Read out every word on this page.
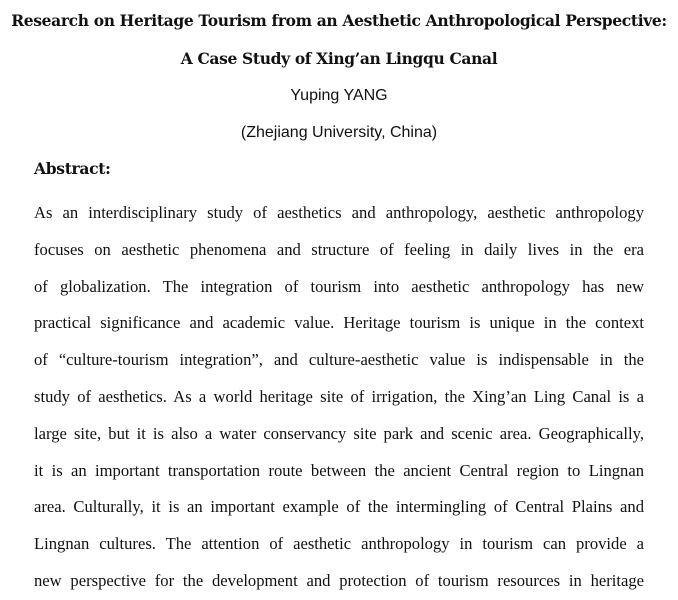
Research on Heritage Tourism from an Aesthetic Anthropological Perspective:
A Case Study of Xing’an Lingqu Canal
Yuping YANG
(Zhejiang University, China)
Abstract:
As an interdisciplinary study of aesthetics and anthropology, aesthetic anthropology
focuses on aesthetic phenomena and structure of feeling in daily lives in the era
of globalization. The integration of tourism into aesthetic anthropology has new
practical significance and academic value. Heritage tourism is unique in the context
of “culture-tourism integration”, and culture-aesthetic value is indispensable in the
study of aesthetics. As a world heritage site of irrigation, the Xing’an Ling Canal is a
large site, but it is also a water conservancy site park and scenic area. Geographically,
it is an important transportation route between the ancient Central region to Lingnan
area. Culturally, it is an important example of the intermingling of Central Plains and
Lingnan cultures. The attention of aesthetic anthropology in tourism can provide a
new perspective for the development and protection of tourism resources in heritage
